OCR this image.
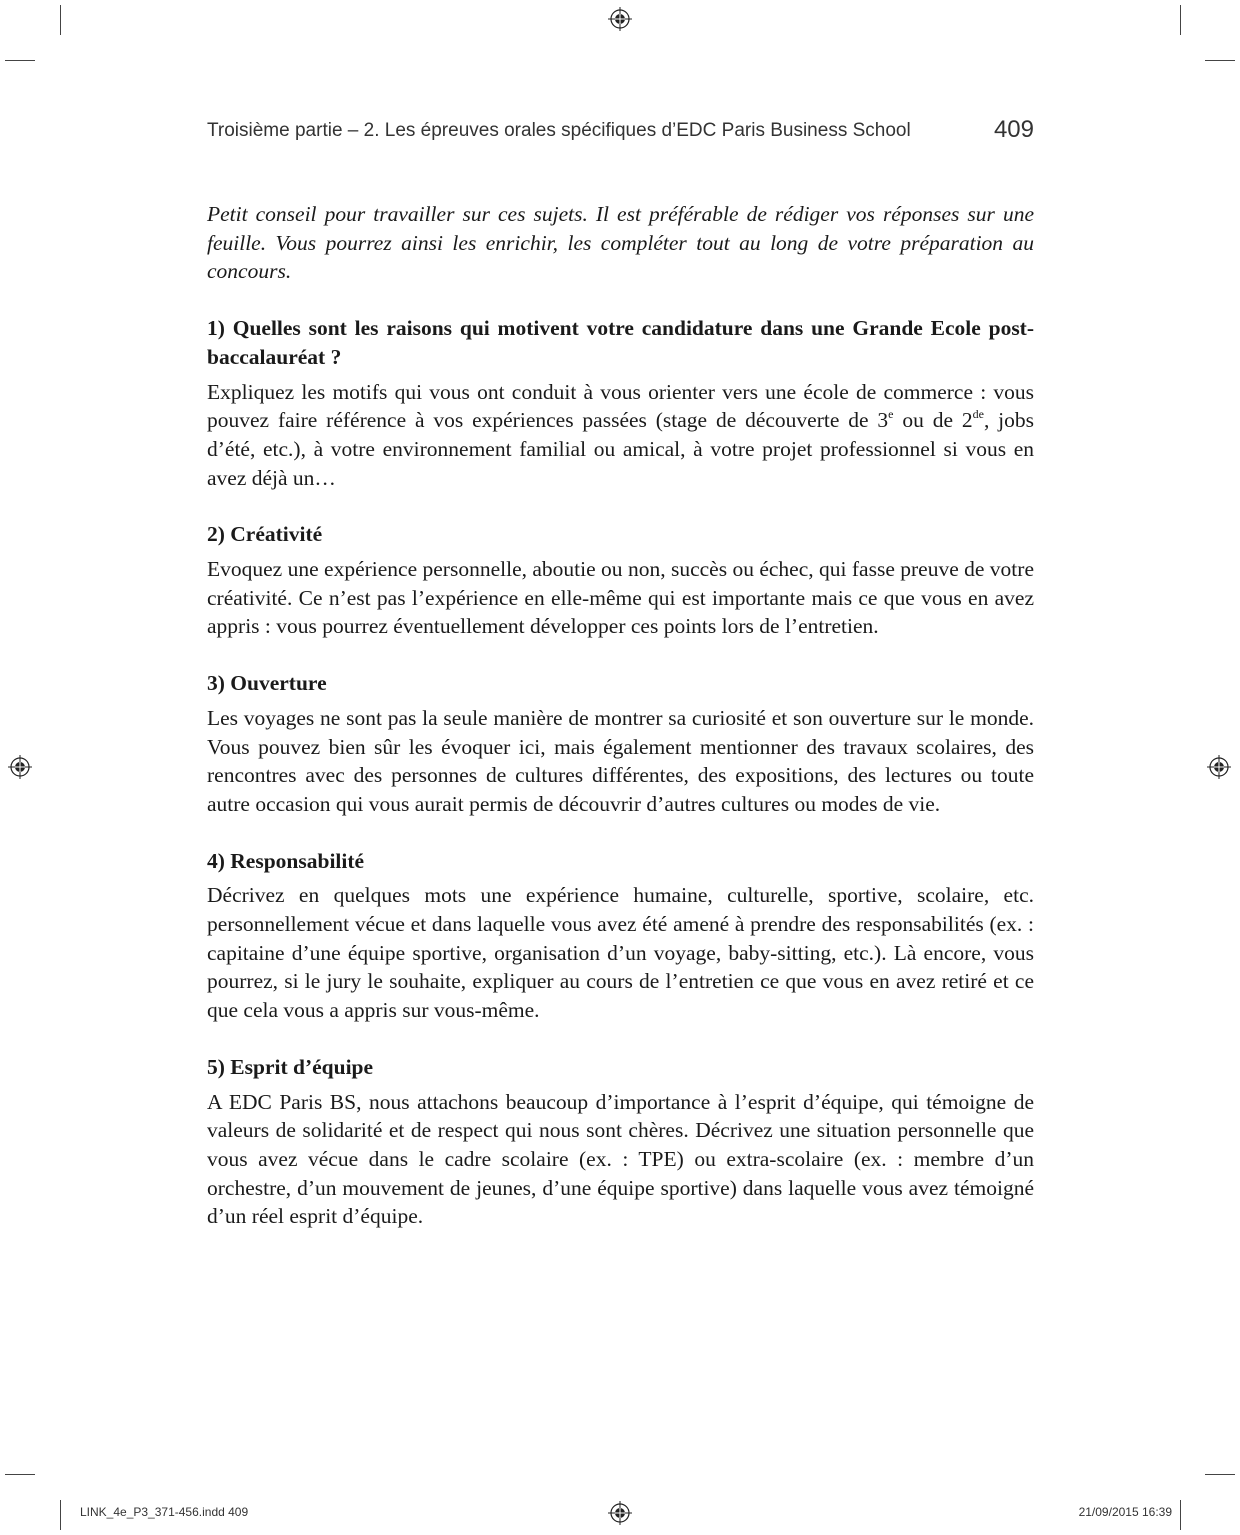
Troisième partie – 2. Les épreuves orales spécifiques d’EDC Paris Business School	409

Petit conseil pour travailler sur ces sujets. Il est préférable de rédiger vos réponses sur une feuille. Vous pourrez ainsi les enrichir, les compléter tout au long de votre préparation au concours.

1) Quelles sont les raisons qui motivent votre candidature dans une Grande Ecole post-baccalauréat ?

Expliquez les motifs qui vous ont conduit à vous orienter vers une école de commerce : vous pouvez faire référence à vos expériences passées (stage de découverte de 3e ou de 2de, jobs d’été, etc.), à votre environnement familial ou amical, à votre projet professionnel si vous en avez déjà un…

2) Créativité

Evoquez une expérience personnelle, aboutie ou non, succès ou échec, qui fasse preuve de votre créativité. Ce n’est pas l’expérience en elle-même qui est importante mais ce que vous en avez appris : vous pourrez éventuellement développer ces points lors de l’entretien.

3) Ouverture

Les voyages ne sont pas la seule manière de montrer sa curiosité et son ouverture sur le monde. Vous pouvez bien sûr les évoquer ici, mais également mentionner des travaux scolaires, des rencontres avec des personnes de cultures différentes, des expositions, des lectures ou toute autre occasion qui vous aurait permis de découvrir d’autres cultures ou modes de vie.

4) Responsabilité

Décrivez en quelques mots une expérience humaine, culturelle, sportive, scolaire, etc. personnellement vécue et dans laquelle vous avez été amené à prendre des responsabilités (ex. : capitaine d’une équipe sportive, organisation d’un voyage, baby-sitting, etc.). Là encore, vous pourrez, si le jury le souhaite, expliquer au cours de l’entretien ce que vous en avez retiré et ce que cela vous a appris sur vous-même.

5) Esprit d’équipe

A EDC Paris BS, nous attachons beaucoup d’importance à l’esprit d’équipe, qui témoigne de valeurs de solidarité et de respect qui nous sont chères. Décrivez une situation personnelle que vous avez vécue dans le cadre scolaire (ex. : TPE) ou extra-scolaire (ex. : membre d’un orchestre, d’un mouvement de jeunes, d’une équipe sportive) dans laquelle vous avez témoigné d’un réel esprit d’équipe.

LINK_4e_P3_371-456.indd 409	21/09/2015 16:39
